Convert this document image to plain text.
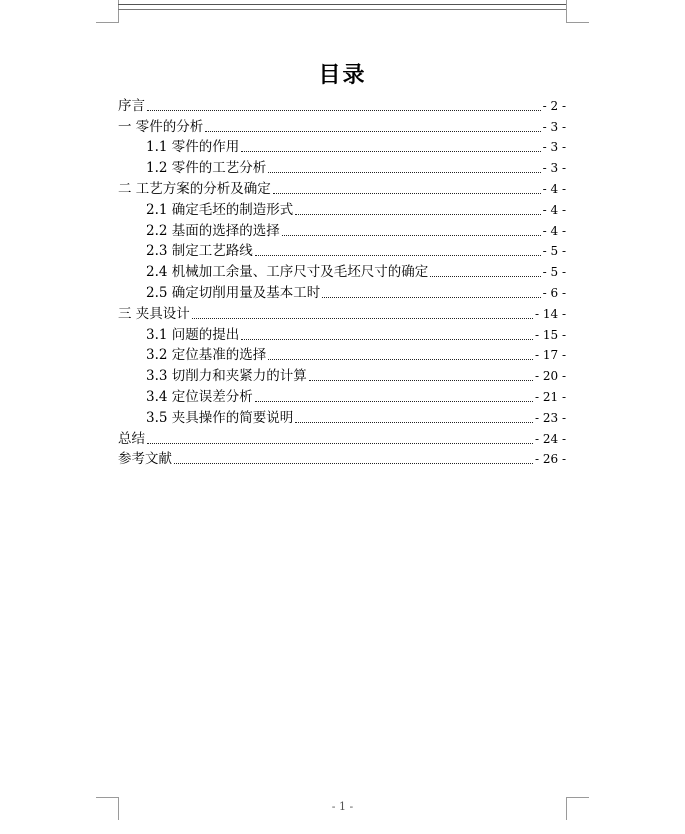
目录
序言	- 2 -
一 零件的分析	- 3 -
1.1 零件的作用	- 3 -
1.2 零件的工艺分析	- 3 -
二 工艺方案的分析及确定	- 4 -
2.1 确定毛坯的制造形式	- 4 -
2.2 基面的选择的选择	- 4 -
2.3 制定工艺路线	- 5 -
2.4 机械加工余量、工序尺寸及毛坯尺寸的确定	- 5 -
2.5 确定切削用量及基本工时	- 6 -
三 夹具设计	- 14 -
3.1 问题的提出	- 15 -
3.2 定位基准的选择	- 17 -
3.3 切削力和夹紧力的计算	- 20 -
3.4 定位误差分析	- 21 -
3.5 夹具操作的简要说明	- 23 -
总结	- 24 -
参考文献	- 26 -
- 1 -
